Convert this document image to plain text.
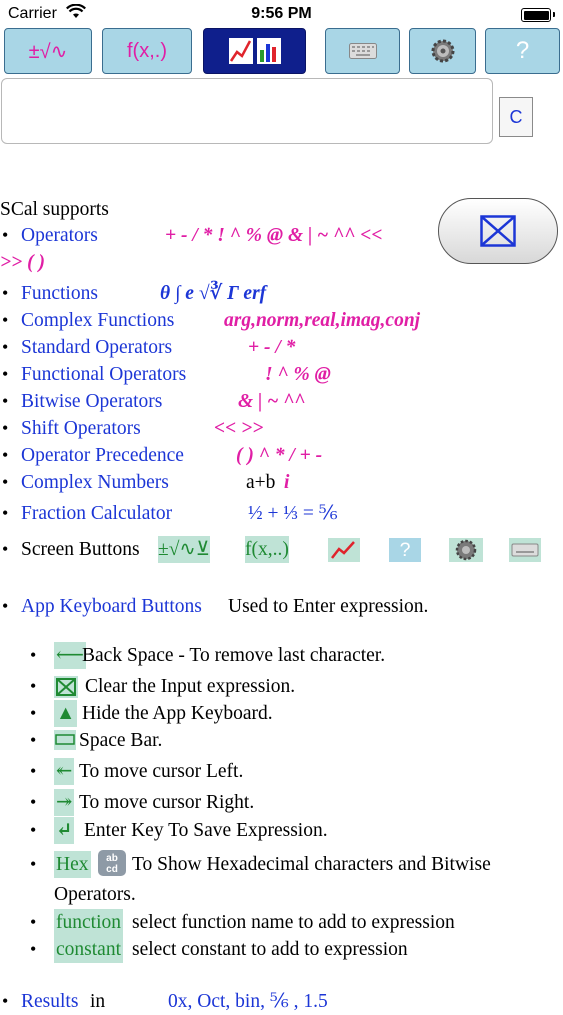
Carrier	9:56 PM
±√∿	f(x,.)	?
C
SCal supports
• Operators	+ - / * ! ^ % @ & | ~ ^^ <<
>> ( )
• Functions	θ ∫ e √∛ Γ erf
• Complex Functions	arg,norm,real,imag,conj
• Standard Operators	+ - / *
• Functional Operators	! ^ % @
• Bitwise Operators	& | ~ ^^
• Shift Operators	<< >>
• Operator Precedence	( ) ^ * / + -
• Complex Numbers	a+b i
• Fraction Calculator	½ + ⅓ = ⅚
• Screen Buttons ±√∿⊻ f(x,..)	?
• App Keyboard Buttons Used to Enter expression.
• ⟵
Back Space - To remove last character.
• Clear the Input expression.
• ▲ Hide the App Keyboard.
• Space Bar.
• ↞ To move cursor Left.
• ↠ To move cursor Right.
• ↵ Enter Key To Save Expression.
• Hex ab
cd To Show Hexadecimal characters and Bitwise
Operators.
• function select function name to add to expression
• constant select constant to add to expression
• Results in	0x, Oct, bin, ⅚ , 1.5
